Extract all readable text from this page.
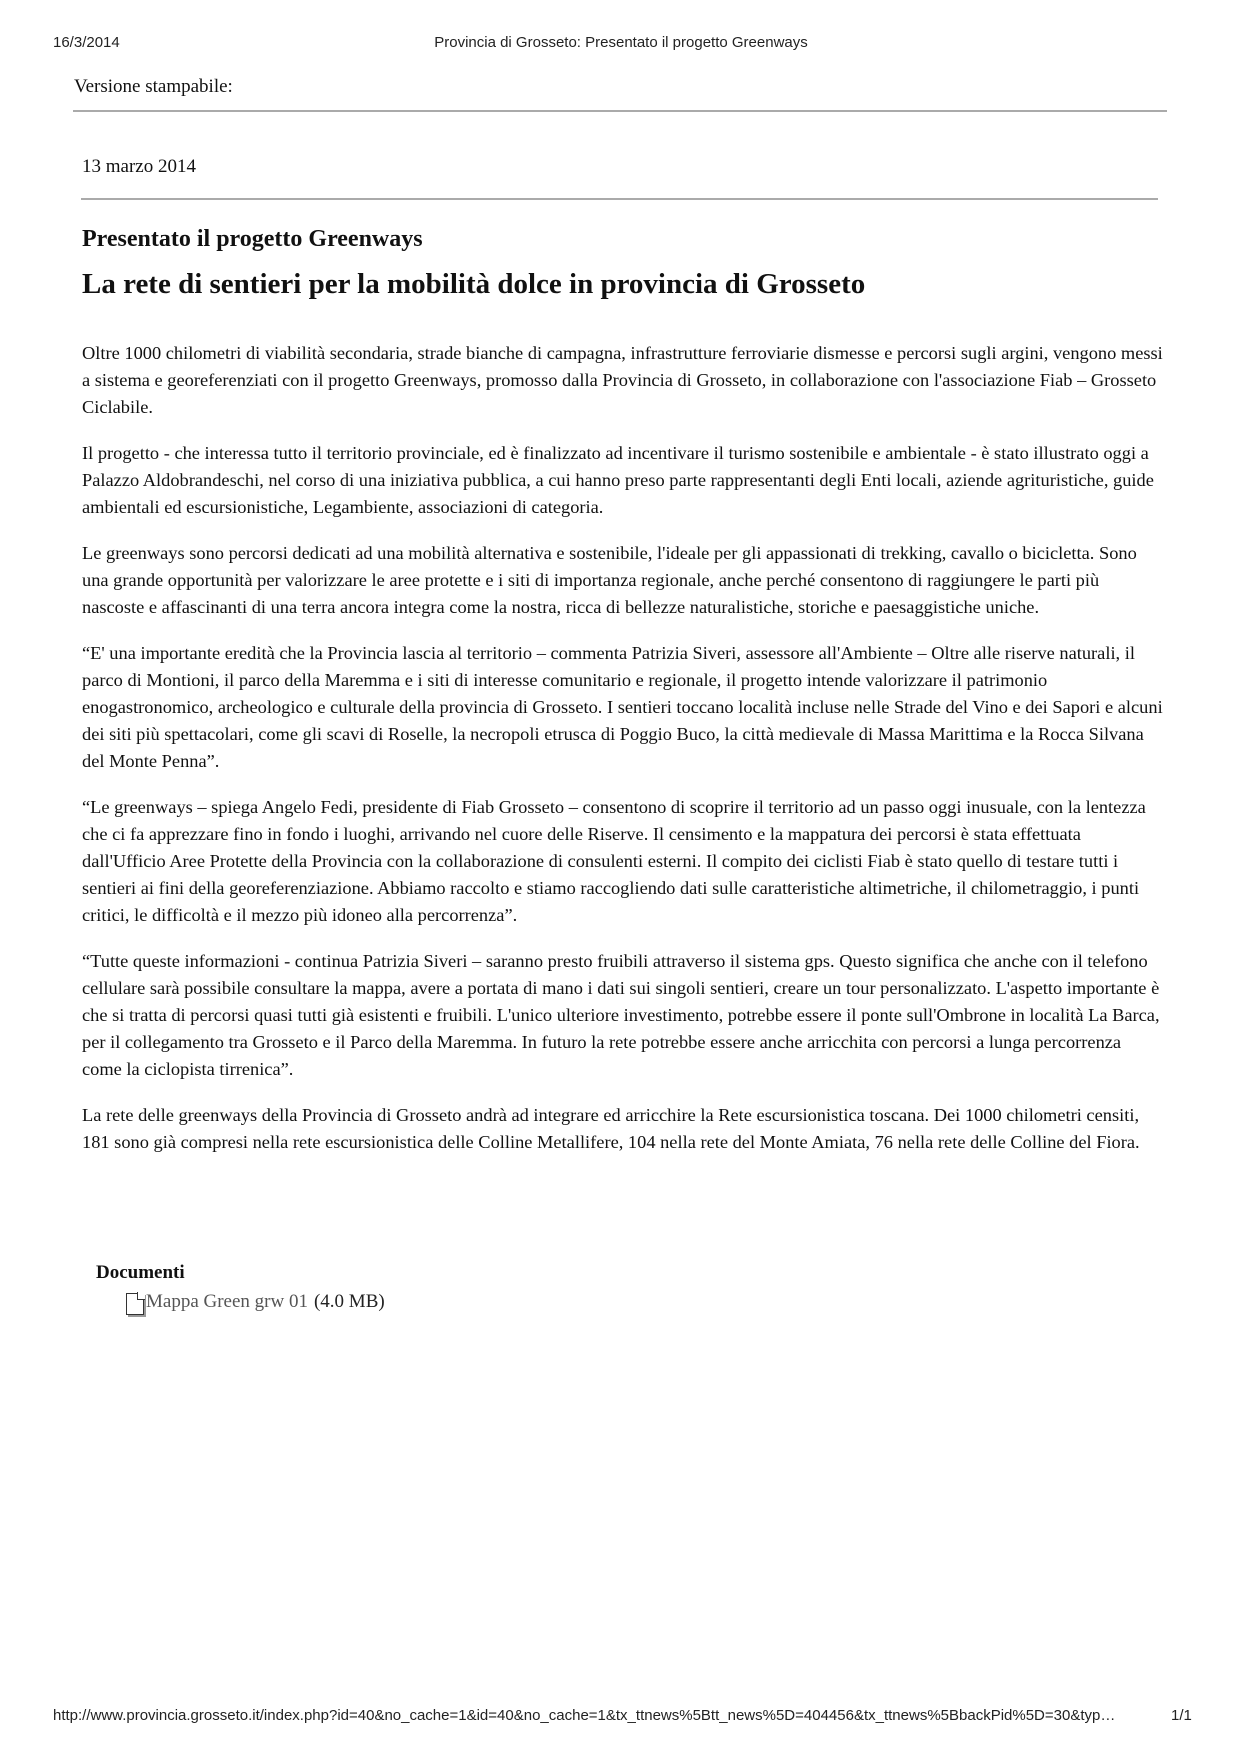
16/3/2014	Provincia di Grosseto: Presentato il progetto Greenways
Versione stampabile:
13 marzo 2014
Presentato il progetto Greenways
La rete di sentieri per la mobilità dolce in provincia di Grosseto

Oltre 1000 chilometri di viabilità secondaria, strade bianche di campagna, infrastrutture ferroviarie dismesse e percorsi sugli argini, vengono messi a sistema e georeferenziati con il progetto Greenways, promosso dalla Provincia di Grosseto, in collaborazione con l'associazione Fiab – Grosseto Ciclabile.

Il progetto - che interessa tutto il territorio provinciale, ed è finalizzato ad incentivare il turismo sostenibile e ambientale - è stato illustrato oggi a Palazzo Aldobrandeschi, nel corso di una iniziativa pubblica, a cui hanno preso parte rappresentanti degli Enti locali, aziende agrituristiche, guide ambientali ed escursionistiche, Legambiente, associazioni di categoria.

Le greenways sono percorsi dedicati ad una mobilità alternativa e sostenibile, l'ideale per gli appassionati di trekking, cavallo o bicicletta. Sono una grande opportunità per valorizzare le aree protette e i siti di importanza regionale, anche perché consentono di raggiungere le parti più nascoste e affascinanti di una terra ancora integra come la nostra, ricca di bellezze naturalistiche, storiche e paesaggistiche uniche.

“E' una importante eredità che la Provincia lascia al territorio – commenta Patrizia Siveri, assessore all'Ambiente – Oltre alle riserve naturali, il parco di Montioni, il parco della Maremma e i siti di interesse comunitario e regionale, il progetto intende valorizzare il patrimonio enogastronomico, archeologico e culturale della provincia di Grosseto. I sentieri toccano località incluse nelle Strade del Vino e dei Sapori e alcuni dei siti più spettacolari, come gli scavi di Roselle, la necropoli etrusca di Poggio Buco, la città medievale di Massa Marittima e la Rocca Silvana del Monte Penna”.

“Le greenways – spiega Angelo Fedi, presidente di Fiab Grosseto – consentono di scoprire il territorio ad un passo oggi inusuale, con la lentezza che ci fa apprezzare fino in fondo i luoghi, arrivando nel cuore delle Riserve. Il censimento e la mappatura dei percorsi è stata effettuata dall'Ufficio Aree Protette della Provincia con la collaborazione di consulenti esterni. Il compito dei ciclisti Fiab è stato quello di testare tutti i sentieri ai fini della georeferenziazione. Abbiamo raccolto e stiamo raccogliendo dati sulle caratteristiche altimetriche, il chilometraggio, i punti critici, le difficoltà e il mezzo più idoneo alla percorrenza”.

“Tutte queste informazioni - continua Patrizia Siveri – saranno presto fruibili attraverso il sistema gps. Questo significa che anche con il telefono cellulare sarà possibile consultare la mappa, avere a portata di mano i dati sui singoli sentieri, creare un tour personalizzato. L'aspetto importante è che si tratta di percorsi quasi tutti già esistenti e fruibili. L'unico ulteriore investimento, potrebbe essere il ponte sull'Ombrone in località La Barca, per il collegamento tra Grosseto e il Parco della Maremma. In futuro la rete potrebbe essere anche arricchita con percorsi a lunga percorrenza come la ciclopista tirrenica”.

La rete delle greenways della Provincia di Grosseto andrà ad integrare ed arricchire la Rete escursionistica toscana. Dei 1000 chilometri censiti, 181 sono già compresi nella rete escursionistica delle Colline Metallifere, 104 nella rete del Monte Amiata, 76 nella rete delle Colline del Fiora.

Documenti
Mappa Green grw 01 (4.0 MB)
http://www.provincia.grosseto.it/index.php?id=40&no_cache=1&id=40&no_cache=1&tx_ttnews%5Btt_news%5D=404456&tx_ttnews%5BbackPid%5D=30&typ…	1/1
